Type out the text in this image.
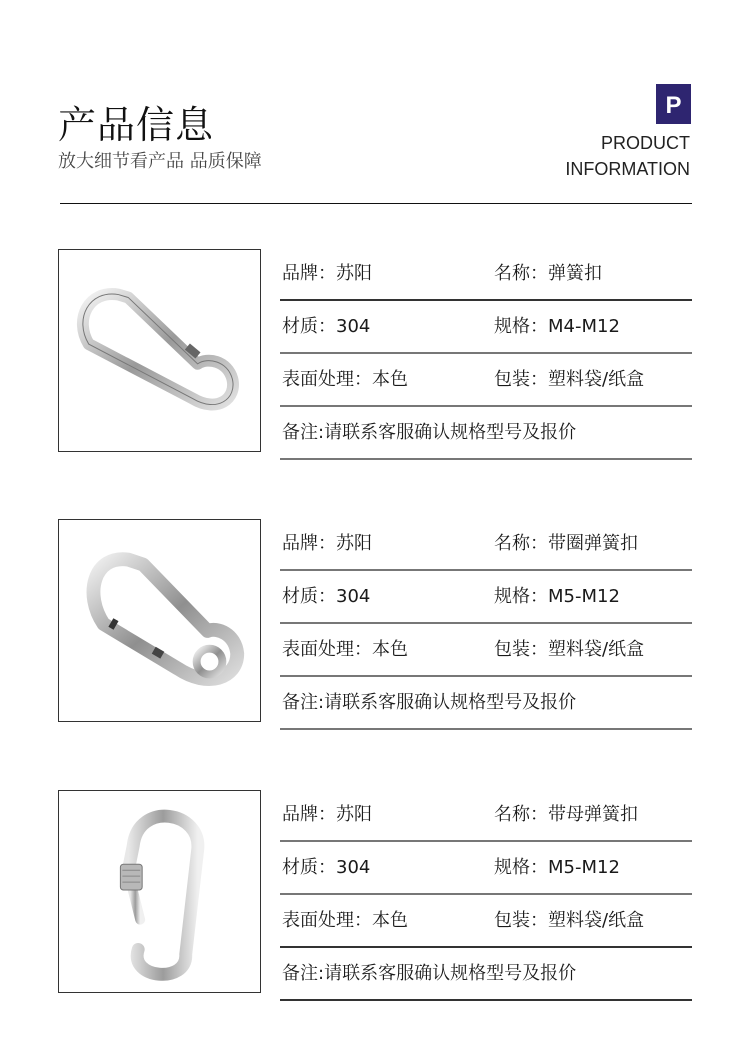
产品信息
放大细节看产品 品质保障
P
PRODUCT
INFORMATION
品牌：苏阳	名称：弹簧扣
材质：304	规格：M4-M12
表面处理：本色	包装：塑料袋/纸盒
备注:请联系客服确认规格型号及报价
品牌：苏阳	名称：带圈弹簧扣
材质：304	规格：M5-M12
表面处理：本色	包装：塑料袋/纸盒
备注:请联系客服确认规格型号及报价
品牌：苏阳	名称：带母弹簧扣
材质：304	规格：M5-M12
表面处理：本色	包装：塑料袋/纸盒
备注:请联系客服确认规格型号及报价
